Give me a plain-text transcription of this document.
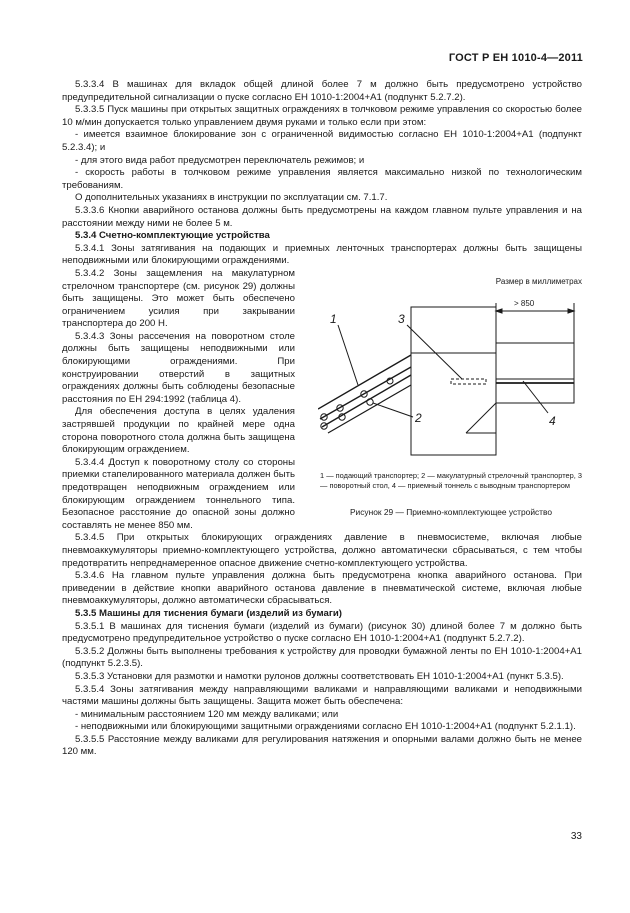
ГОСТ Р ЕН 1010-4—2011

5.3.3.4 В машинах для вкладок общей длиной более 7 м должно быть предусмотрено устройство предупредительной сигнализации о пуске согласно ЕН 1010-1:2004+А1 (подпункт 5.2.7.2).

5.3.3.5 Пуск машины при открытых защитных ограждениях в толчковом режиме управления со скоростью более 10 м/мин допускается только управлением двумя руками и только если при этом:

- имеется взаимное блокирование зон с ограниченной видимостью согласно ЕН 1010-1:2004+А1 (подпункт 5.2.3.4); и

- для этого вида работ предусмотрен переключатель режимов; и

- скорость работы в толчковом режиме управления является максимально низкой по технологическим требованиям.

О дополнительных указаниях в инструкции по эксплуатации см. 7.1.7.

5.3.3.6 Кнопки аварийного останова должны быть предусмотрены на каждом главном пульте управления и на расстоянии между ними не более 5 м.

5.3.4 Счетно-комплектующие устройства

5.3.4.1 Зоны затягивания на подающих и приемных ленточных транспортерах должны быть защищены неподвижными или блокирующими ограждениями.

5.3.4.2 Зоны защемления на макулатурном стрелочном транспортере (см. рисунок 29) должны быть защищены. Это может быть обеспечено ограничением усилия при закрывании транспортера до 200 Н.

5.3.4.3 Зоны рассечения на поворотном столе должны быть защищены неподвижными или блокирующими ограждениями. При конструировании отверстий в защитных ограждениях должны быть соблюдены безопасные расстояния по ЕН 294:1992 (таблица 4).

Для обеспечения доступа в целях удаления застрявшей продукции по крайней мере одна сторона поворотного стола должна быть защищена блокирующим ограждением.

5.3.4.4 Доступ к поворотному столу со стороны приемки стапелированного материала должен быть предотвращен неподвижным ограждением или блокирующим ограждением тоннельного типа. Безопасное расстояние до опасной зоны должно составлять не менее 850 мм.

Размер в миллиметрах
1
2
3
4
> 850
1 — подающий транспортер; 2 — макулатурный стрелочный транспортер, 3 — поворотный стол, 4 — приемный тоннель с выводным транспортером
Рисунок 29 — Приемно-комплектующее устройство

5.3.4.5 При открытых блокирующих ограждениях давление в пневмосистеме, включая любые пневмоаккумуляторы приемно-комплектующего устройства, должно автоматически сбрасываться, с тем чтобы предотвратить непреднамеренное опасное движение счетно-комплектующего устройства.

5.3.4.6 На главном пульте управления должна быть предусмотрена кнопка аварийного останова. При приведении в действие кнопки аварийного останова давление в пневматической системе, включая любые пневмоаккумуляторы, должно автоматически сбрасываться.

5.3.5 Машины для тиснения бумаги (изделий из бумаги)

5.3.5.1 В машинах для тиснения бумаги (изделий из бумаги) (рисунок 30) длиной более 7 м должно быть предусмотрено предупредительное устройство о пуске согласно ЕН 1010-1:2004+А1 (подпункт 5.2.7.2).

5.3.5.2 Должны быть выполнены требования к устройству для проводки бумажной ленты по ЕН 1010-1:2004+А1 (подпункт 5.2.3.5).

5.3.5.3 Установки для размотки и намотки рулонов должны соответствовать ЕН 1010-1:2004+А1 (пункт 5.3.5).

5.3.5.4 Зоны затягивания между направляющими валиками и направляющими валиками и неподвижными частями машины должны быть защищены. Защита может быть обеспечена:

- минимальным расстоянием 120 мм между валиками; или

- неподвижными или блокирующими защитными ограждениями согласно ЕН 1010-1:2004+А1 (подпункт 5.2.1.1).

5.3.5.5 Расстояние между валиками для регулирования натяжения и опорными валами должно быть не менее 120 мм.

33
